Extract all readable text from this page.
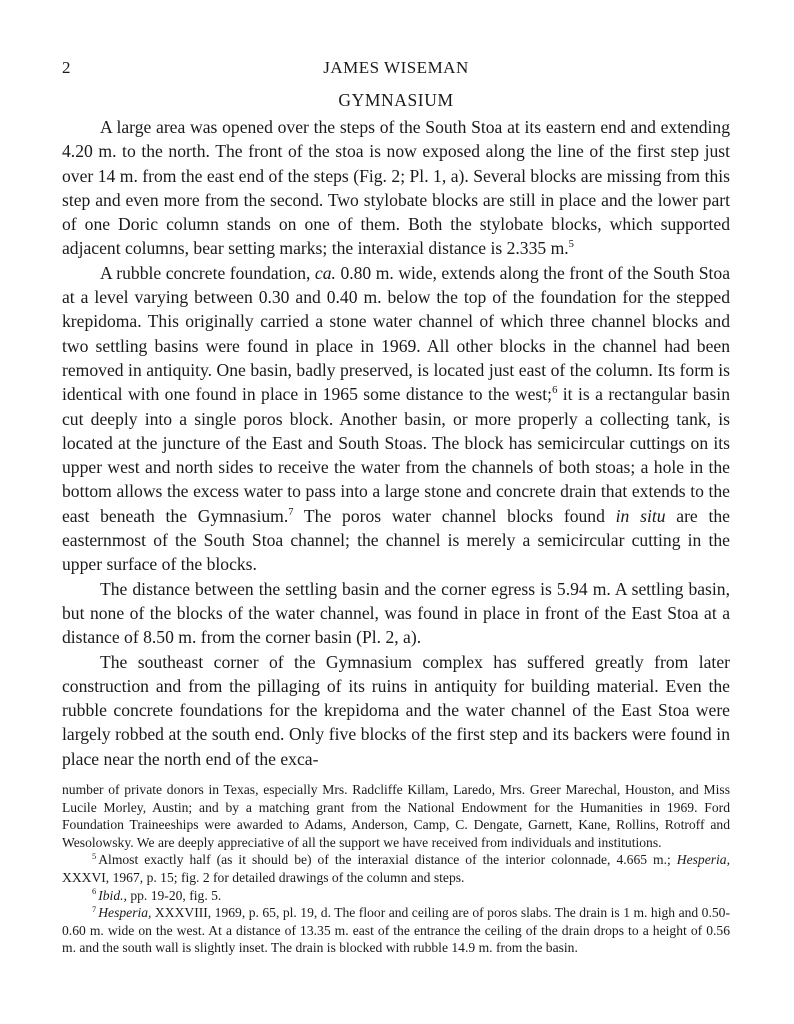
2	JAMES WISEMAN
GYMNASIUM

A large area was opened over the steps of the South Stoa at its eastern end and extending 4.20 m. to the north. The front of the stoa is now exposed along the line of the first step just over 14 m. from the east end of the steps (Fig. 2; Pl. 1, a). Several blocks are missing from this step and even more from the second. Two stylobate blocks are still in place and the lower part of one Doric column stands on one of them. Both the stylobate blocks, which supported adjacent columns, bear setting marks; the interaxial distance is 2.335 m.$^5$

A rubble concrete foundation, ca. 0.80 m. wide, extends along the front of the South Stoa at a level varying between 0.30 and 0.40 m. below the top of the foundation for the stepped krepidoma. This originally carried a stone water channel of which three channel blocks and two settling basins were found in place in 1969. All other blocks in the channel had been removed in antiquity. One basin, badly preserved, is located just east of the column. Its form is identical with one found in place in 1965 some distance to the west;$^6$ it is a rectangular basin cut deeply into a single poros block. Another basin, or more properly a collecting tank, is located at the juncture of the East and South Stoas. The block has semicircular cuttings on its upper west and north sides to receive the water from the channels of both stoas; a hole in the bottom allows the excess water to pass into a large stone and concrete drain that extends to the east beneath the Gymnasium.$^7$ The poros water channel blocks found in situ are the easternmost of the South Stoa channel; the channel is merely a semicircular cutting in the upper surface of the blocks.

The distance between the settling basin and the corner egress is 5.94 m. A settling basin, but none of the blocks of the water channel, was found in place in front of the East Stoa at a distance of 8.50 m. from the corner basin (Pl. 2, a).

The southeast corner of the Gymnasium complex has suffered greatly from later construction and from the pillaging of its ruins in antiquity for building material. Even the rubble concrete foundations for the krepidoma and the water channel of the East Stoa were largely robbed at the south end. Only five blocks of the first step and its backers were found in place near the north end of the exca-

number of private donors in Texas, especially Mrs. Radcliffe Killam, Laredo, Mrs. Greer Marechal, Houston, and Miss Lucile Morley, Austin; and by a matching grant from the National Endowment for the Humanities in 1969. Ford Foundation Traineeships were awarded to Adams, Anderson, Camp, C. Dengate, Garnett, Kane, Rollins, Rotroff and Wesolowsky. We are deeply appreciative of all the support we have received from individuals and institutions.

$^5$ Almost exactly half (as it should be) of the interaxial distance of the interior colonnade, 4.665 m.; Hesperia, XXXVI, 1967, p. 15; fig. 2 for detailed drawings of the column and steps.

$^6$ Ibid., pp. 19-20, fig. 5.

$^7$ Hesperia, XXXVIII, 1969, p. 65, pl. 19, d. The floor and ceiling are of poros slabs. The drain is 1 m. high and 0.50-0.60 m. wide on the west. At a distance of 13.35 m. east of the entrance the ceiling of the drain drops to a height of 0.56 m. and the south wall is slightly inset. The drain is blocked with rubble 14.9 m. from the basin.
